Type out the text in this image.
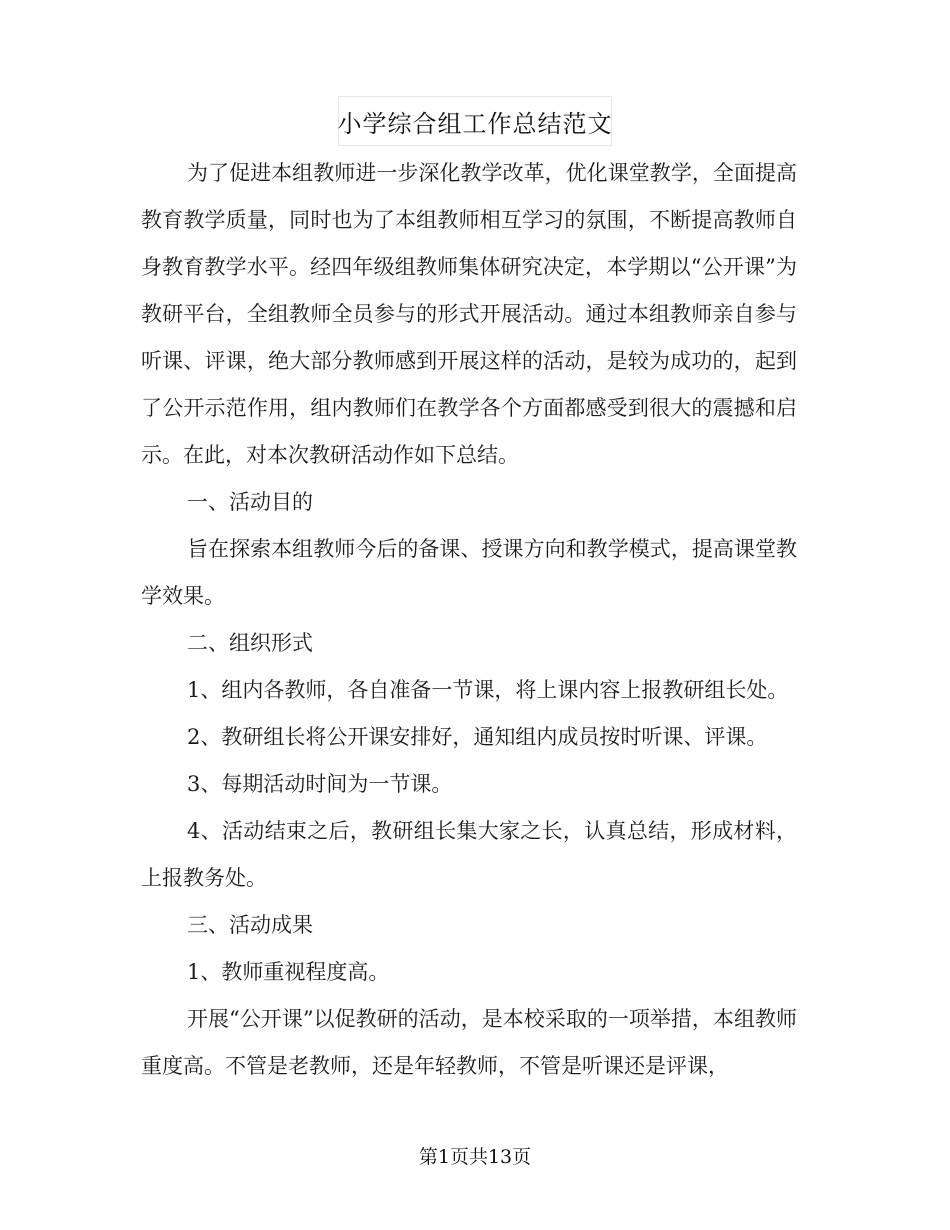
小学综合组工作总结范文

为了促进本组教师进一步深化教学改革，优化课堂教学，全面提高教育教学质量，同时也为了本组教师相互学习的氛围，不断提高教师自身教育教学水平。经四年级组教师集体研究决定，本学期以“公开课”为教研平台，全组教师全员参与的形式开展活动。通过本组教师亲自参与听课、评课，绝大部分教师感到开展这样的活动，是较为成功的，起到了公开示范作用，组内教师们在教学各个方面都感受到很大的震撼和启示。在此，对本次教研活动作如下总结。

一、活动目的

旨在探索本组教师今后的备课、授课方向和教学模式，提高课堂教学效果。

二、组织形式

1、组内各教师，各自准备一节课，将上课内容上报教研组长处。

2、教研组长将公开课安排好，通知组内成员按时听课、评课。

3、每期活动时间为一节课。

4、活动结束之后，教研组长集大家之长，认真总结，形成材料，上报教务处。

三、活动成果

1、教师重视程度高。

开展“公开课”以促教研的活动，是本校采取的一项举措，本组教师重度高。不管是老教师，还是年轻教师，不管是听课还是评课，

第1页共13页
